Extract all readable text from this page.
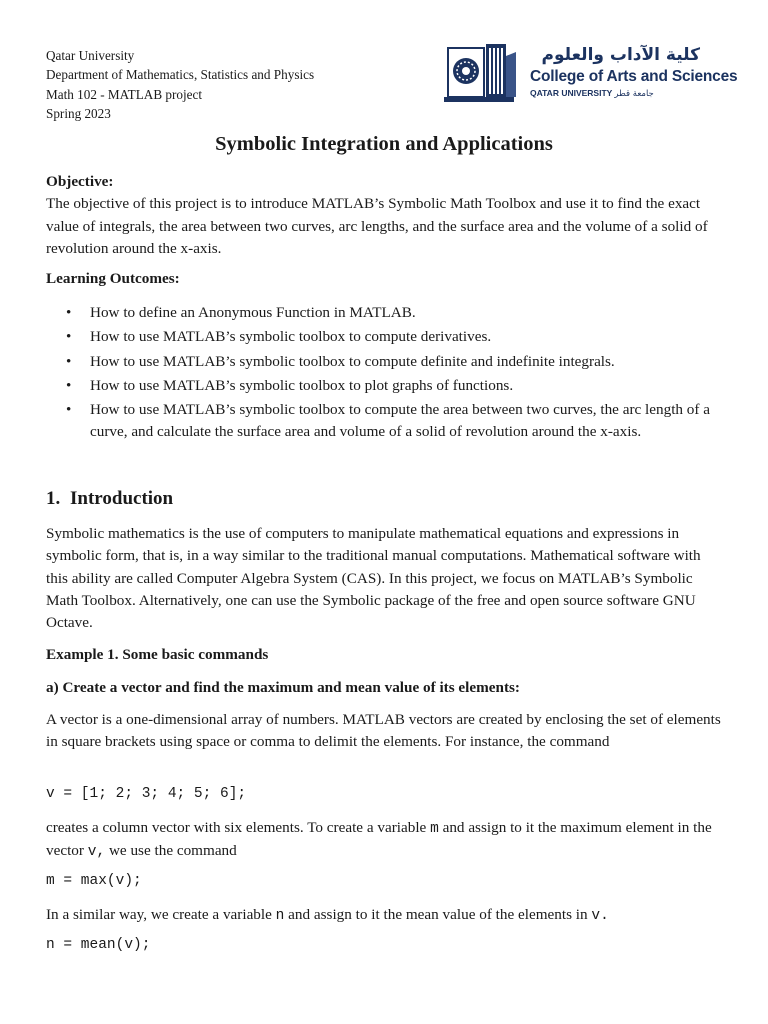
Qatar University
Department of Mathematics, Statistics and Physics
Math 102 - MATLAB project
Spring 2023
كلية الآداب والعلوم
College of Arts and Sciences
QATAR UNIVERSITY جامعة قطر
Symbolic Integration and Applications
Objective:
The objective of this project is to introduce MATLAB’s Symbolic Math Toolbox and use it to find the exact value of integrals, the area between two curves, arc lengths, and the surface area and the volume of a solid of revolution around the x-axis.
Learning Outcomes:
• How to define an Anonymous Function in MATLAB.
• How to use MATLAB’s symbolic toolbox to compute derivatives.
• How to use MATLAB’s symbolic toolbox to compute definite and indefinite integrals.
• How to use MATLAB’s symbolic toolbox to plot graphs of functions.
• How to use MATLAB’s symbolic toolbox to compute the area between two curves, the arc length of a curve, and calculate the surface area and volume of a solid of revolution around the x-axis.
1. Introduction
Symbolic mathematics is the use of computers to manipulate mathematical equations and expressions in symbolic form, that is, in a way similar to the traditional manual computations. Mathematical software with this ability are called Computer Algebra System (CAS). In this project, we focus on MATLAB’s Symbolic Math Toolbox. Alternatively, one can use the Symbolic package of the free and open source software GNU Octave.
Example 1. Some basic commands
a) Create a vector and find the maximum and mean value of its elements:
A vector is a one-dimensional array of numbers. MATLAB vectors are created by enclosing the set of elements in square brackets using space or comma to delimit the elements. For instance, the command
v = [1; 2; 3; 4; 5; 6];
creates a column vector with six elements. To create a variable m and assign to it the maximum element in the vector v, we use the command
m = max(v);
In a similar way, we create a variable n and assign to it the mean value of the elements in v.
n = mean(v);
